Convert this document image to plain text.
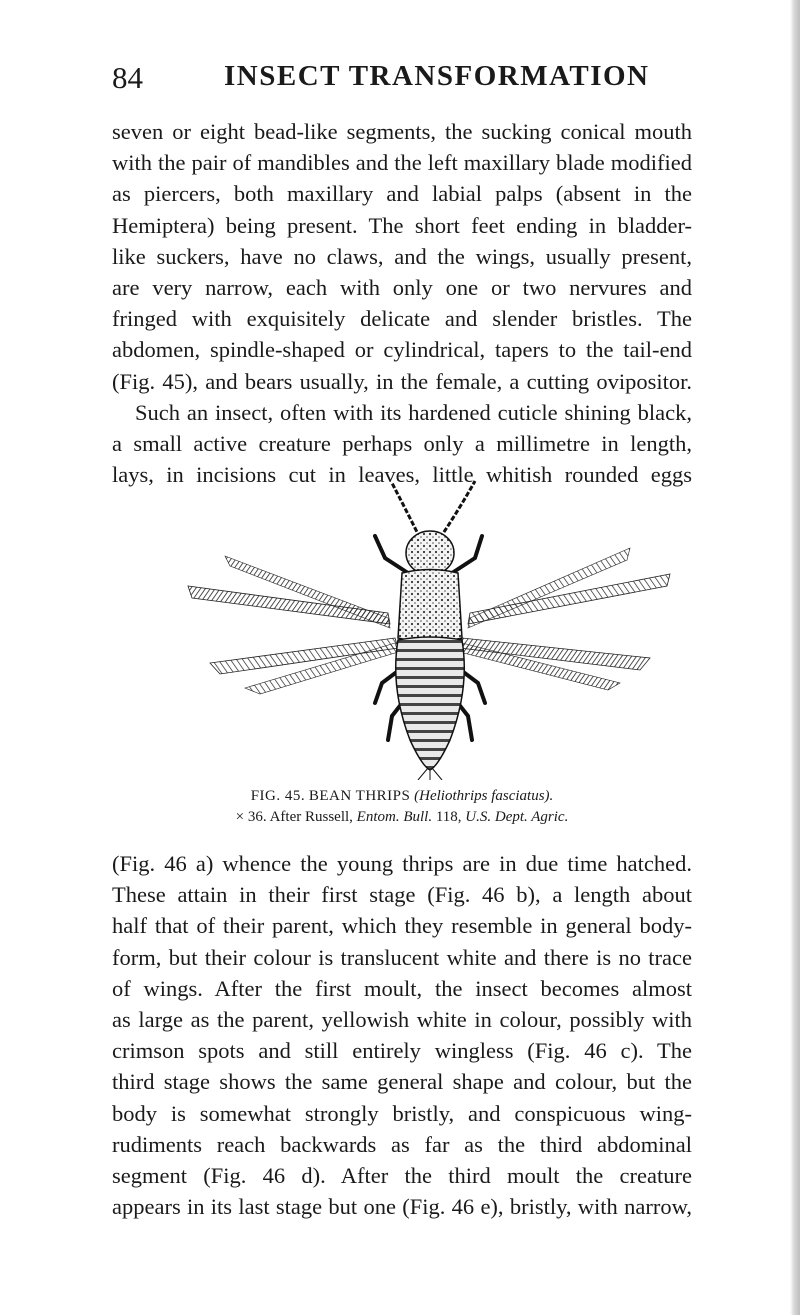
84	INSECT TRANSFORMATION
seven or eight bead-like segments, the sucking conical mouth
with the pair of mandibles and the left maxillary blade modified
as piercers, both maxillary and labial palps (absent in the
Hemiptera) being present. The short feet ending in bladder-
like suckers, have no claws, and the wings, usually present,
are very narrow, each with only one or two nervures and
fringed with exquisitely delicate and slender bristles. The
abdomen, spindle-shaped or cylindrical, tapers to the tail-end
(Fig. 45), and bears usually, in the female, a cutting ovipositor.
Such an insect, often with its hardened cuticle shining black,
a small active creature perhaps only a millimetre in length,
lays, in incisions cut in leaves, little whitish rounded eggs
FIG. 45. BEAN THRIPS (Heliothrips fasciatus).
× 36. After Russell, Entom. Bull. 118, U.S. Dept. Agric.
(Fig. 46 a) whence the young thrips are in due time hatched.
These attain in their first stage (Fig. 46 b), a length about
half that of their parent, which they resemble in general body-
form, but their colour is translucent white and there is no trace
of wings. After the first moult, the insect becomes almost
as large as the parent, yellowish white in colour, possibly with
crimson spots and still entirely wingless (Fig. 46 c). The
third stage shows the same general shape and colour, but the
body is somewhat strongly bristly, and conspicuous wing-
rudiments reach backwards as far as the third abdominal
segment (Fig. 46 d). After the third moult the creature
appears in its last stage but one (Fig. 46 e), bristly, with narrow,
